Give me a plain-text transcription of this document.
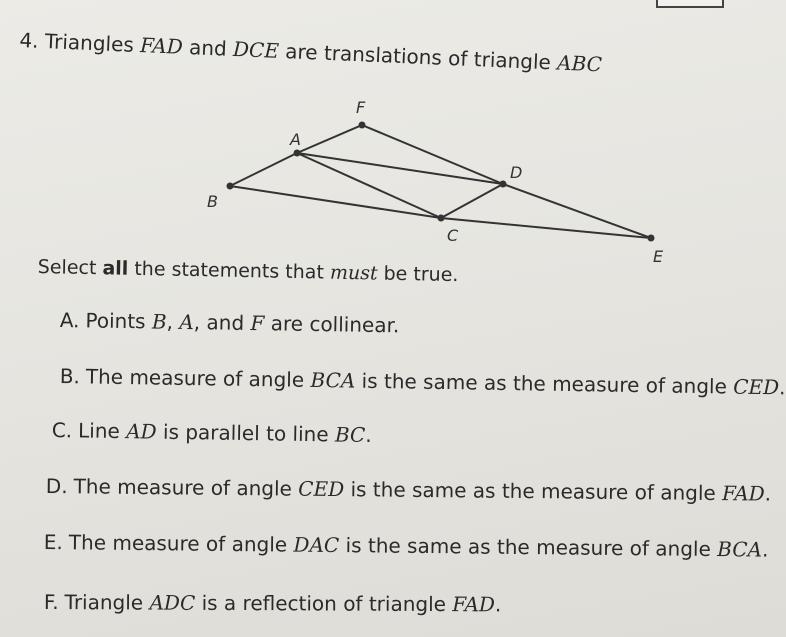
4. Triangles FAD and DCE are translations of triangle ABC
F
A
D
B
C
E
Select all the statements that must be true.
A. Points B, A, and F are collinear.
B. The measure of angle BCA is the same as the measure of angle CED.
C. Line AD is parallel to line BC.
D. The measure of angle CED is the same as the measure of angle FAD.
E. The measure of angle DAC is the same as the measure of angle BCA.
F. Triangle ADC is a reflection of triangle FAD.
